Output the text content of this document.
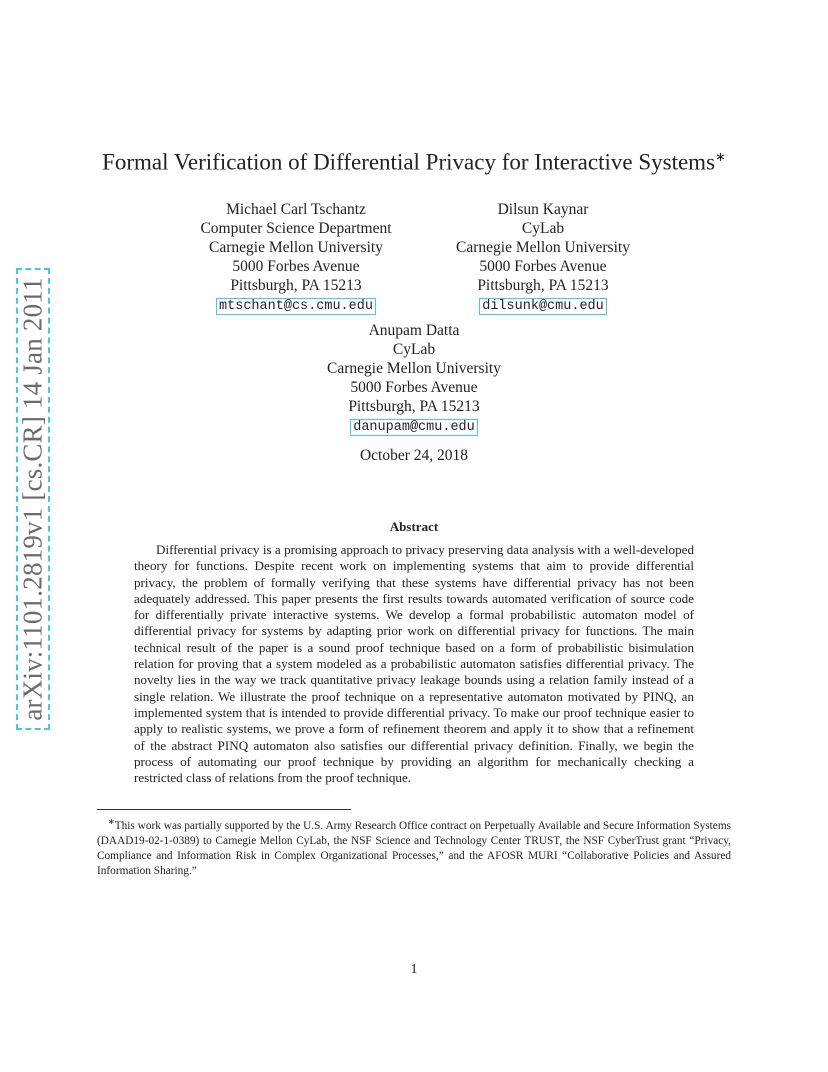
arXiv:1101.2819v1 [cs.CR] 14 Jan 2011
Formal Verification of Differential Privacy for Interactive Systems∗
Michael Carl Tschantz
Computer Science Department
Carnegie Mellon University
5000 Forbes Avenue
Pittsburgh, PA 15213
mtschant@cs.cmu.edu
Dilsun Kaynar
CyLab
Carnegie Mellon University
5000 Forbes Avenue
Pittsburgh, PA 15213
dilsunk@cmu.edu
Anupam Datta
CyLab
Carnegie Mellon University
5000 Forbes Avenue
Pittsburgh, PA 15213
danupam@cmu.edu
October 24, 2018
Abstract
Differential privacy is a promising approach to privacy preserving data analysis with a well-developed theory for functions. Despite recent work on implementing systems that aim to provide differential privacy, the problem of formally verifying that these systems have differential privacy has not been adequately addressed. This paper presents the first results towards automated verification of source code for differentially private interactive systems. We develop a formal probabilistic automaton model of differential privacy for systems by adapting prior work on differential privacy for functions. The main technical result of the paper is a sound proof technique based on a form of probabilistic bisimulation relation for proving that a system modeled as a probabilistic automaton satisfies differential privacy. The novelty lies in the way we track quantitative privacy leakage bounds using a relation family instead of a single relation. We illustrate the proof technique on a representative automaton motivated by PINQ, an implemented system that is intended to provide differential privacy. To make our proof technique easier to apply to realistic systems, we prove a form of refinement theorem and apply it to show that a refinement of the abstract PINQ automaton also satisfies our differential privacy definition. Finally, we begin the process of automating our proof technique by providing an algorithm for mechanically checking a restricted class of relations from the proof technique.
∗This work was partially supported by the U.S. Army Research Office contract on Perpetually Available and Secure Information Systems (DAAD19-02-1-0389) to Carnegie Mellon CyLab, the NSF Science and Technology Center TRUST, the NSF CyberTrust grant “Privacy, Compliance and Information Risk in Complex Organizational Processes,” and the AFOSR MURI “Collaborative Policies and Assured Information Sharing.”
1
